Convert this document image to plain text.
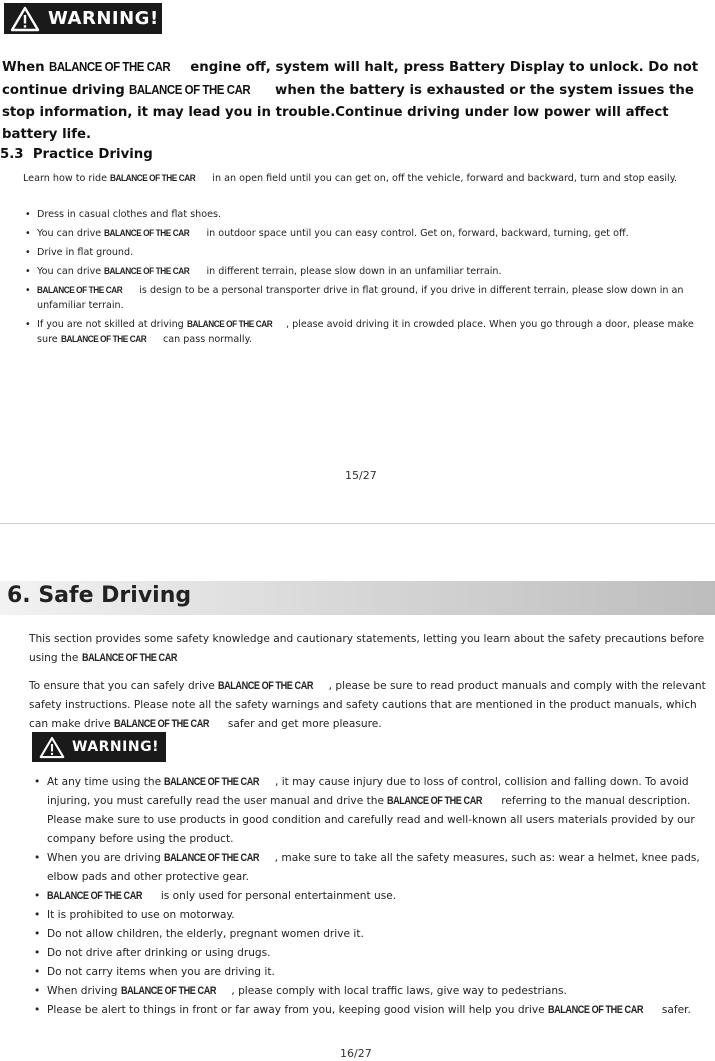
WARNING!
When BALANCE OF THE CAR engine off, system will halt, press Battery Display to unlock. Do not continue driving BALANCE OF THE CAR when the battery is exhausted or the system issues the stop information, it may lead you in trouble.Continue driving under low power will affect battery life.
5.3  Practice Driving
Learn how to ride BALANCE OF THE CAR in an open field until you can get on, off the vehicle, forward and backward, turn and stop easily.
• Dress in casual clothes and flat shoes.
• You can drive BALANCE OF THE CAR in outdoor space until you can easy control. Get on, forward, backward, turning, get off.
• Drive in flat ground.
• You can drive BALANCE OF THE CAR in different terrain, please slow down in an unfamiliar terrain.
• BALANCE OF THE CAR is design to be a personal transporter drive in flat ground, if you drive in different terrain, please slow down in an unfamiliar terrain.
• If you are not skilled at driving BALANCE OF THE CAR , please avoid driving it in crowded place. When you go through a door, please make sure BALANCE OF THE CAR can pass normally.
15/27
6. Safe Driving
This section provides some safety knowledge and cautionary statements, letting you learn about the safety precautions before using the BALANCE OF THE CAR
To ensure that you can safely drive BALANCE OF THE CAR , please be sure to read product manuals and comply with the relevant safety instructions. Please note all the safety warnings and safety cautions that are mentioned in the product manuals, which can make drive BALANCE OF THE CAR safer and get more pleasure.
WARNING!
• At any time using the BALANCE OF THE CAR , it may cause injury due to loss of control, collision and falling down. To avoid injuring, you must carefully read the user manual and drive the BALANCE OF THE CAR referring to the manual description. Please make sure to use products in good condition and carefully read and well-known all users materials provided by our company before using the product.
• When you are driving BALANCE OF THE CAR , make sure to take all the safety measures, such as: wear a helmet, knee pads, elbow pads and other protective gear.
• BALANCE OF THE CAR is only used for personal entertainment use.
• It is prohibited to use on motorway.
• Do not allow children, the elderly, pregnant women drive it.
• Do not drive after drinking or using drugs.
• Do not carry items when you are driving it.
• When driving BALANCE OF THE CAR , please comply with local traffic laws, give way to pedestrians.
• Please be alert to things in front or far away from you, keeping good vision will help you drive BALANCE OF THE CAR safer.
16/27
